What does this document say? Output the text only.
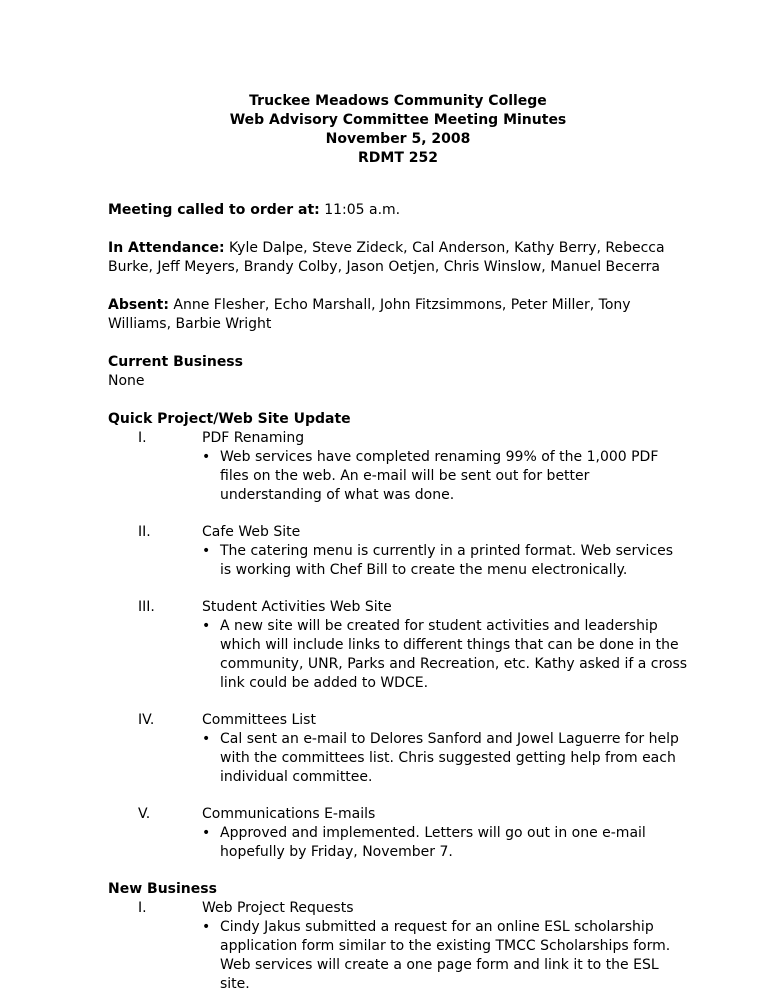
Truckee Meadows Community College
Web Advisory Committee Meeting Minutes
November 5, 2008
RDMT 252

Meeting called to order at: 11:05 a.m.

In Attendance: Kyle Dalpe, Steve Zideck, Cal Anderson, Kathy Berry, Rebecca Burke, Jeff Meyers, Brandy Colby, Jason Oetjen, Chris Winslow, Manuel Becerra

Absent: Anne Flesher, Echo Marshall, John Fitzsimmons, Peter Miller, Tony Williams, Barbie Wright

Current Business
None
Quick Project/Web Site Update
I.	PDF Renaming
• Web services have completed renaming 99% of the 1,000 PDF files on the web. An e-mail will be sent out for better understanding of what was done.
II.	Cafe Web Site
• The catering menu is currently in a printed format. Web services is working with Chef Bill to create the menu electronically.
III.	Student Activities Web Site
• A new site will be created for student activities and leadership which will include links to different things that can be done in the community, UNR, Parks and Recreation, etc. Kathy asked if a cross link could be added to WDCE.
IV.	Committees List
• Cal sent an e-mail to Delores Sanford and Jowel Laguerre for help with the committees list. Chris suggested getting help from each individual committee.
V.	Communications E-mails
• Approved and implemented. Letters will go out in one e-mail hopefully by Friday, November 7.
New Business
I.	Web Project Requests
• Cindy Jakus submitted a request for an online ESL scholarship application form similar to the existing TMCC Scholarships form. Web services will create a one page form and link it to the ESL site.
